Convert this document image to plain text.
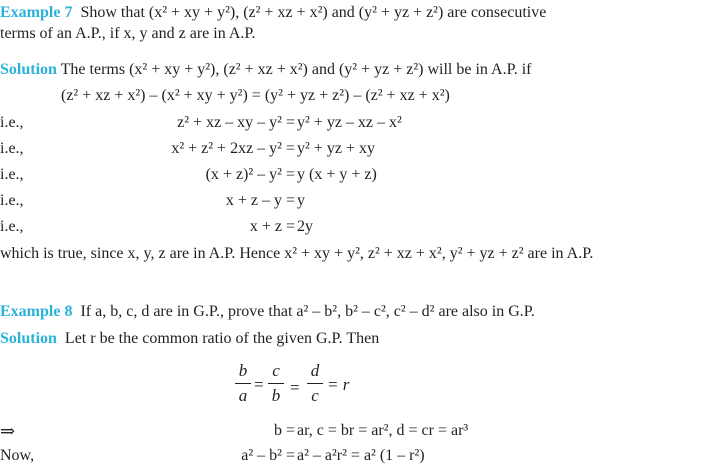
Example 7 Show that (x² + xy + y²), (z² + xz + x²) and (y² + yz + z²) are consecutive
terms of an A.P., if x, y and z are in A.P.
Solution The terms (x² + xy + y²), (z² + xz + x²) and (y² + yz + z²) will be in A.P. if
(z² + xz + x²) – (x² + xy + y²) = (y² + yz + z²) – (z² + xz + x²)
i.e.,	z² + xz – xy – y² = y² + yz – xz – x²
i.e.,	x² + z² + 2xz – y² = y² + yz + xy
i.e.,	(x + z)² – y² = y (x + y + z)
i.e.,	x + z – y = y
i.e.,	x + z = 2y
which is true, since x, y, z are in A.P. Hence x² + xy + y², z² + xz + x², y² + yz + z² are in A.P.
Example 8 If a, b, c, d are in G.P., prove that a² – b², b² – c², c² – d² are also in G.P.
Solution Let r be the common ratio of the given G.P. Then
b
a
=
c
b =
d
c
= r
⇒	b = ar, c = br = ar², d = cr = ar³
Now,	a² – b² = a² – a²r² = a² (1 – r²)
